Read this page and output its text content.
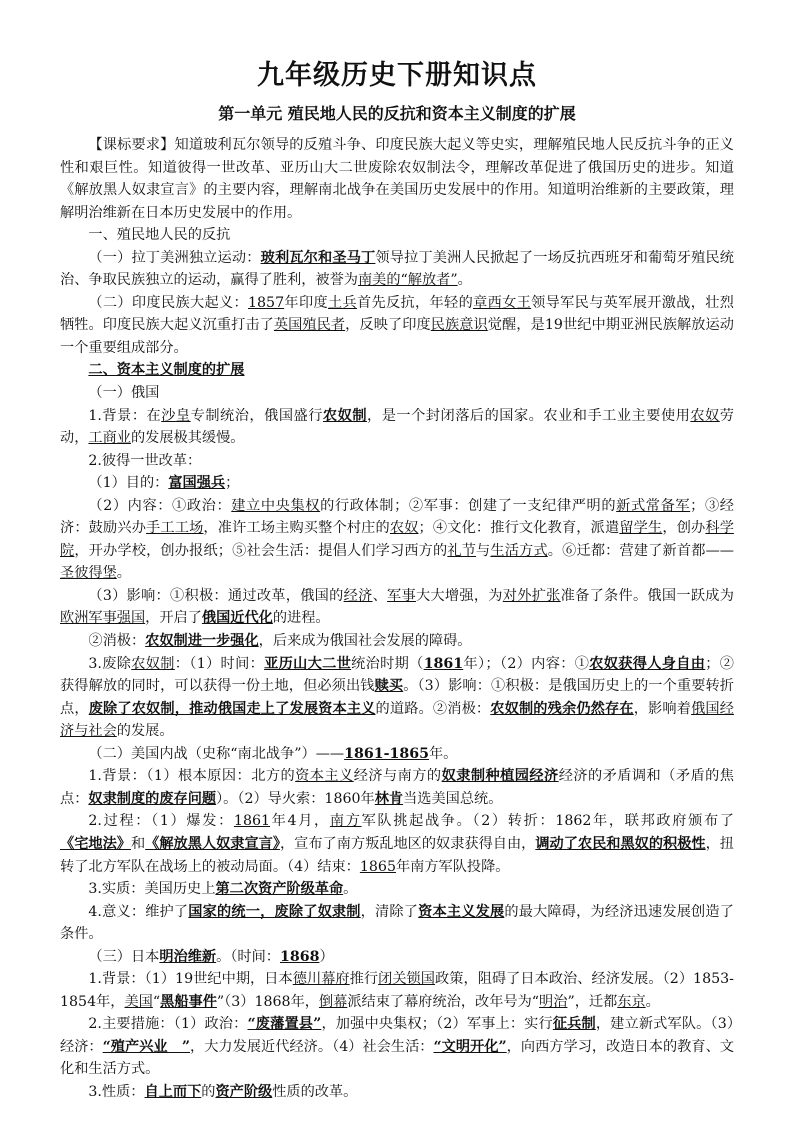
九年级历史下册知识点
第一单元 殖民地人民的反抗和资本主义制度的扩展

【课标要求】知道玻利瓦尔领导的反殖斗争、印度民族大起义等史实，理解殖民地人民反抗斗争的正义性和艰巨性。知道彼得一世改革、亚历山大二世废除农奴制法令，理解改革促进了俄国历史的进步。知道《解放黑人奴隶宣言》的主要内容，理解南北战争在美国历史发展中的作用。知道明治维新的主要政策，理解明治维新在日本历史发展中的作用。

一、殖民地人民的反抗

（一）拉丁美洲独立运动：玻利瓦尔和圣马丁领导拉丁美洲人民掀起了一场反抗西班牙和葡萄牙殖民统治、争取民族独立的运动，赢得了胜利，被誉为南美的“解放者”。

（二）印度民族大起义：1857年印度土兵首先反抗，年轻的章西女王领导军民与英军展开激战，壮烈牺牲。印度民族大起义沉重打击了英国殖民者，反映了印度民族意识觉醒，是19世纪中期亚洲民族解放运动一个重要组成部分。

二、资本主义制度的扩展

（一）俄国

1.背景：在沙皇专制统治，俄国盛行农奴制，是一个封闭落后的国家。农业和手工业主要使用农奴劳动，工商业的发展极其缓慢。

2.彼得一世改革：

（1）目的：富国强兵；

（2）内容：①政治：建立中央集权的行政体制；②军事：创建了一支纪律严明的新式常备军；③经济：鼓励兴办手工工场，准许工场主购买整个村庄的农奴；④文化：推行文化教育，派遣留学生，创办科学院，开办学校，创办报纸；⑤社会生活：提倡人们学习西方的礼节与生活方式。⑥迁都：营建了新首都——圣彼得堡。

（3）影响：①积极：通过改革，俄国的经济、军事大大增强，为对外扩张准备了条件。俄国一跃成为欧洲军事强国，开启了俄国近代化的进程。

②消极：农奴制进一步强化，后来成为俄国社会发展的障碍。

3.废除农奴制：（1）时间：亚历山大二世统治时期（1861年）；（2）内容：①农奴获得人身自由；②获得解放的同时，可以获得一份土地，但必须出钱赎买。（3）影响：①积极：是俄国历史上的一个重要转折点，废除了农奴制，推动俄国走上了发展资本主义的道路。②消极：农奴制的残余仍然存在，影响着俄国经济与社会的发展。

（二）美国内战（史称“南北战争”）——1861-1865年。

1.背景：（1）根本原因：北方的资本主义经济与南方的奴隶制种植园经济经济的矛盾调和（矛盾的焦点：奴隶制度的废存问题）。（2）导火索：1860年林肯当选美国总统。

2.过程：（1）爆发：1861年4月，南方军队挑起战争。（2）转折：1862年，联邦政府颁布了《宅地法》和《解放黑人奴隶宣言》，宣布了南方叛乱地区的奴隶获得自由，调动了农民和黑奴的积极性，扭转了北方军队在战场上的被动局面。（4）结束：1865年南方军队投降。

3.实质：美国历史上第二次资产阶级革命。

4.意义：维护了国家的统一，废除了奴隶制，清除了资本主义发展的最大障碍，为经济迅速发展创造了条件。

（三）日本明治维新。（时间：1868）

1.背景：（1）19世纪中期，日本德川幕府推行闭关锁国政策，阻碍了日本政治、经济发展。（2）1853-1854年，美国“黑船事件”（3）1868年，倒幕派结束了幕府统治，改年号为“明治”，迁都东京。

2.主要措施：（1）政治：“废藩置县”，加强中央集权；（2）军事上：实行征兵制，建立新式军队。（3）经济：“殖产兴业　”，大力发展近代经济。（4）社会生活：“文明开化”，向西方学习，改造日本的教育、文化和生活方式。

3.性质：自上而下的资产阶级性质的改革。
